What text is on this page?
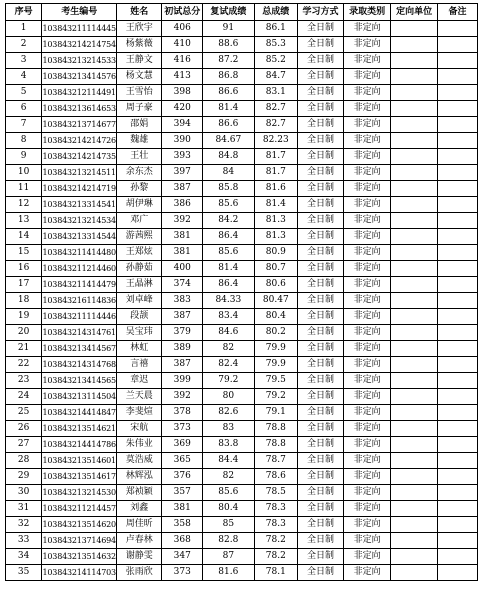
序号	考生编号	姓名	初试总分	复试成绩	总成绩	学习方式	录取类别	定向单位	备注
1	103843211114445	王欣宇	406	91	86.1	全日制	非定向		
2	103843214214754	杨紫薇	410	88.6	85.3	全日制	非定向		
3	103843213214533	王静文	416	87.2	85.2	全日制	非定向		
4	103843213414576	杨文慧	413	86.8	84.7	全日制	非定向		
5	103843212114491	王雪怡	398	86.6	83.1	全日制	非定向		
6	103843213614653	周子豪	420	81.4	82.7	全日制	非定向		
7	103843213714677	邵娟	394	86.6	82.7	全日制	非定向		
8	103843214214726	魏雄	390	84.67	82.23	全日制	非定向		
9	103843214214735	王壮	393	84.8	81.7	全日制	非定向		
10	103843213214511	余东杰	397	84	81.7	全日制	非定向		
11	103843214214719	孙黎	387	85.8	81.6	全日制	非定向		
12	103843213314541	胡伊琳	386	85.6	81.4	全日制	非定向		
13	103843213214534	邓广	392	84.2	81.3	全日制	非定向		
14	103843213314544	游茜熙	381	86.4	81.3	全日制	非定向		
15	103843211414480	王郑炫	381	85.6	80.9	全日制	非定向		
16	103843211214460	孙静茹	400	81.4	80.7	全日制	非定向		
17	103843211414479	王晶淋	374	86.4	80.6	全日制	非定向		
18	103843216114836	刘卓峰	383	84.33	80.47	全日制	非定向		
19	103843211114446	段颉	387	83.4	80.4	全日制	非定向		
20	103843214314761	吴宝玮	379	84.6	80.2	全日制	非定向		
21	103843213414567	林虹	389	82	79.9	全日制	非定向		
22	103843214314768	言禧	387	82.4	79.9	全日制	非定向		
23	103843213414565	章迟	399	79.2	79.5	全日制	非定向		
24	103843213114504	兰天晨	392	80	79.2	全日制	非定向		
25	103843214414847	李斐煊	378	82.6	79.1	全日制	非定向		
26	103843213514621	宋航	373	83	78.8	全日制	非定向		
27	103843214414786	朱伟业	369	83.8	78.8	全日制	非定向		
28	103843213514601	莫浩威	365	84.4	78.7	全日制	非定向		
29	103843213514617	林辉泓	376	82	78.6	全日制	非定向		
30	103843213214530	郑祯颖	357	85.6	78.5	全日制	非定向		
31	103843211214457	刘鑫	381	80.4	78.3	全日制	非定向		
32	103843213514620	周佳昕	358	85	78.3	全日制	非定向		
33	103843213714694	卢春林	368	82.8	78.2	全日制	非定向		
34	103843213514632	谢静雯	347	87	78.2	全日制	非定向		
35	103843214114703	张雨欣	373	81.6	78.1	全日制	非定向		
